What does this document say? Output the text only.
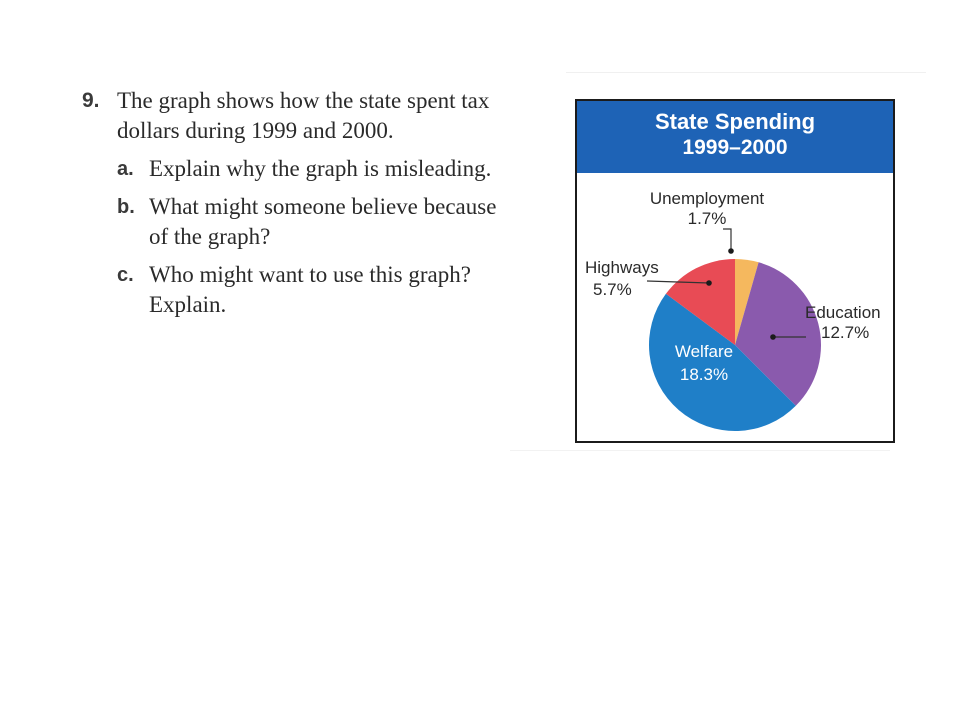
9. The graph shows how the state spent tax
dollars during 1999 and 2000.
a. Explain why the graph is misleading.
b. What might someone believe because
of the graph?
c. Who might want to use this graph?
Explain.
State Spending
1999–2000
Unemployment
1.7%
Education
12.7%
Welfare
18.3%
Highways
5.7%
